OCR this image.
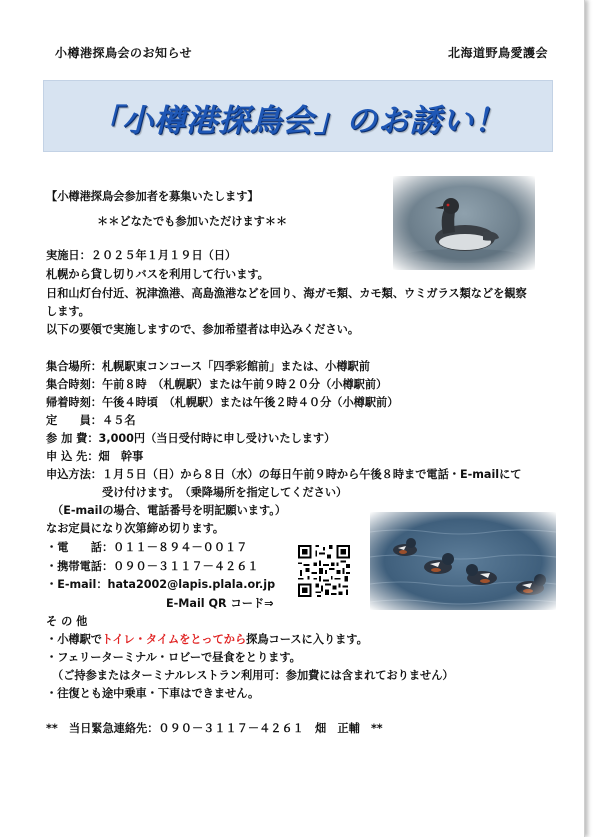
小樽港探鳥会のお知らせ	北海道野鳥愛護会
「小樽港探鳥会」のお誘い！
【小樽港探鳥会参加者を募集いたします】
＊＊どなたでも参加いただけます＊＊
実施日：２０２５年１月１９日（日）
札幌から貸し切りバスを利用して行います。
日和山灯台付近、祝津漁港、高島漁港などを回り、海ガモ類、カモ類、ウミガラス類などを観察
します。
以下の要領で実施しますので、参加希望者は申込みください。
集合場所：札幌駅東コンコース「四季彩館前」または、小樽駅前
集合時刻：午前８時　（札幌駅）または午前９時２０分（小樽駅前）
帰着時刻：午後４時頃　（札幌駅）または午後２時４０分（小樽駅前）
定　　員：４５名
参 加 費：3,000円（当日受付時に申し受けいたします）
申 込 先：畑　幹事
申込方法：１月５日（日）から８日（水）の毎日午前９時から午後８時まで電話・E-mailにて
受け付けます。　（乗降場所を指定してください）
（E-mailの場合、電話番号を明記願います。）
なお定員になり次第締め切ります。
・電　　話：０１１－８９４－００１７
・携帯電話：０９０－３１１７－４２６１
・E-mail：hata2002@lapis.plala.or.jp
E-Mail QR コード⇒
そ の 他
・小樽駅でトイレ・タイムをとってから探鳥コースに入ります。
・フェリーターミナル・ロビーで昼食をとります。
（ご持参またはターミナルレストラン利用可：参加費には含まれておりません）
・往復とも途中乗車・下車はできません。
**　当日緊急連絡先：０９０－３１１７－４２６１　畑　正輔　**
